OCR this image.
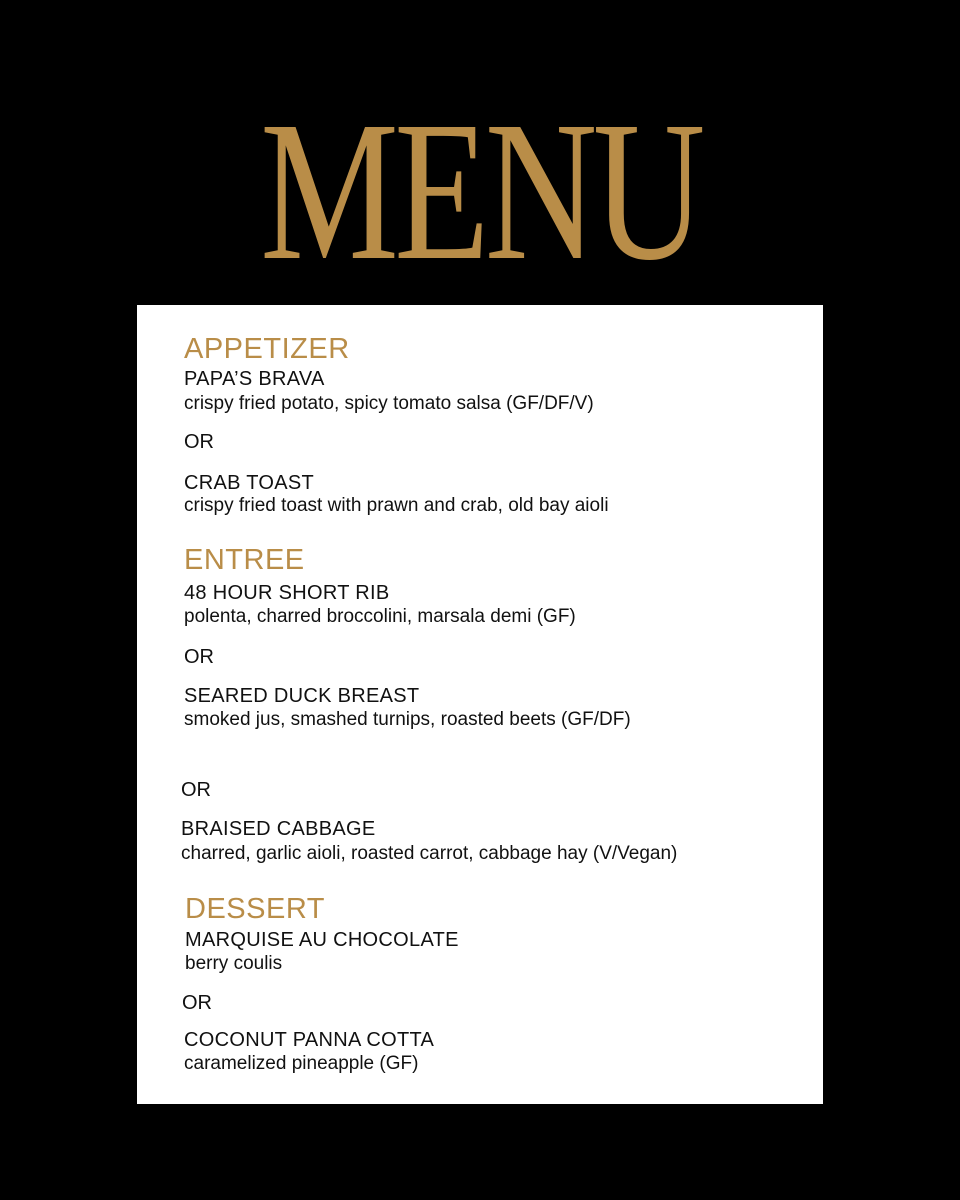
MENU

APPETIZER

PAPA’S BRAVA

crispy fried potato, spicy tomato salsa (GF/DF/V)

OR

CRAB TOAST

crispy fried toast with prawn and crab, old bay aioli

ENTREE

48 HOUR SHORT RIB

polenta, charred broccolini, marsala demi (GF)

OR

SEARED DUCK BREAST

smoked jus, smashed turnips, roasted beets (GF/DF)

OR

BRAISED CABBAGE

charred, garlic aioli, roasted carrot, cabbage hay (V/Vegan)

DESSERT

MARQUISE AU CHOCOLATE

berry coulis

OR

COCONUT PANNA COTTA

caramelized pineapple (GF)
